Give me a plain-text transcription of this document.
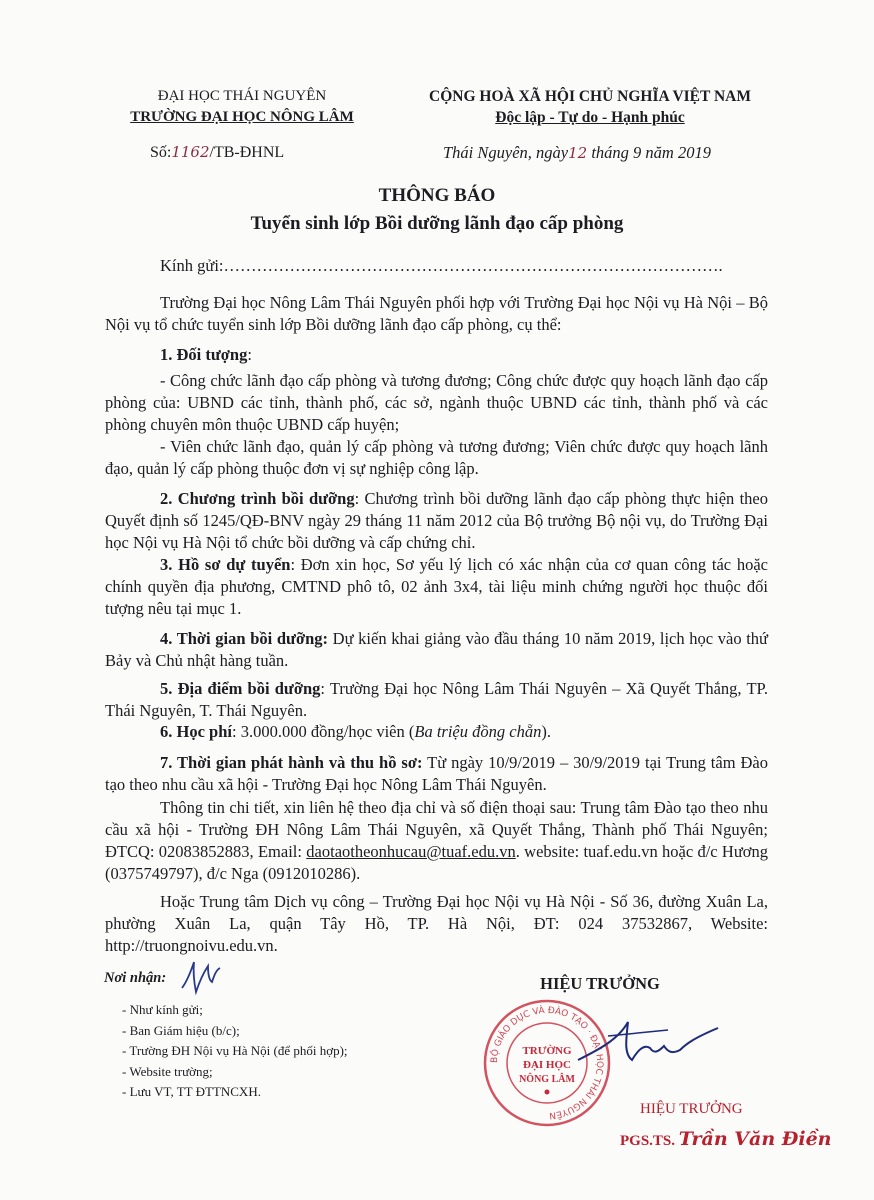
ĐẠI HỌC THÁI NGUYÊN
TRƯỜNG ĐẠI HỌC NÔNG LÂM
CỘNG HOÀ XÃ HỘI CHỦ NGHĨA VIỆT NAM
Độc lập - Tự do - Hạnh phúc
Số:1162/TB-ĐHNL	Thái Nguyên, ngày12 tháng 9 năm 2019
THÔNG BÁO
Tuyển sinh lớp Bồi dưỡng lãnh đạo cấp phòng
Kính gửi:……………………………………………………………………………….
Trường Đại học Nông Lâm Thái Nguyên phối hợp với Trường Đại học Nội vụ Hà Nội – Bộ Nội vụ tổ chức tuyển sinh lớp Bồi dưỡng lãnh đạo cấp phòng, cụ thể:
1. Đối tượng:
- Công chức lãnh đạo cấp phòng và tương đương; Công chức được quy hoạch lãnh đạo cấp phòng của: UBND các tỉnh, thành phố, các sở, ngành thuộc UBND các tỉnh, thành phố và các phòng chuyên môn thuộc UBND cấp huyện;
- Viên chức lãnh đạo, quản lý cấp phòng và tương đương; Viên chức được quy hoạch lãnh đạo, quản lý cấp phòng thuộc đơn vị sự nghiệp công lập.
2. Chương trình bồi dưỡng: Chương trình bồi dưỡng lãnh đạo cấp phòng thực hiện theo Quyết định số 1245/QĐ-BNV ngày 29 tháng 11 năm 2012 của Bộ trưởng Bộ nội vụ, do Trường Đại học Nội vụ Hà Nội tổ chức bồi dưỡng và cấp chứng chỉ.
3. Hồ sơ dự tuyển: Đơn xin học, Sơ yếu lý lịch có xác nhận của cơ quan công tác hoặc chính quyền địa phương, CMTND phô tô, 02 ảnh 3x4, tài liệu minh chứng người học thuộc đối tượng nêu tại mục 1.
4. Thời gian bồi dưỡng: Dự kiến khai giảng vào đầu tháng 10 năm 2019, lịch học vào thứ Bảy và Chủ nhật hàng tuần.
5. Địa điểm bồi dưỡng: Trường Đại học Nông Lâm Thái Nguyên – Xã Quyết Thắng, TP. Thái Nguyên, T. Thái Nguyên.
6. Học phí: 3.000.000 đồng/học viên (Ba triệu đồng chẵn).
7. Thời gian phát hành và thu hồ sơ: Từ ngày 10/9/2019 – 30/9/2019 tại Trung tâm Đào tạo theo nhu cầu xã hội - Trường Đại học Nông Lâm Thái Nguyên.
Thông tin chi tiết, xin liên hệ theo địa chỉ và số điện thoại sau: Trung tâm Đào tạo theo nhu cầu xã hội - Trường ĐH Nông Lâm Thái Nguyên, xã Quyết Thắng, Thành phố Thái Nguyên; ĐTCQ: 02083852883, Email: daotaotheonhucau@tuaf.edu.vn. website: tuaf.edu.vn hoặc đ/c Hương (0375749797), đ/c Nga (0912010286).
Hoặc Trung tâm Dịch vụ công – Trường Đại học Nội vụ Hà Nội - Số 36, đường Xuân La, phường Xuân La, quận Tây Hồ, TP. Hà Nội, ĐT: 024 37532867, Website: http://truongnoivu.edu.vn.
Nơi nhận:
- Như kính gửi;
- Ban Giám hiệu (b/c);
- Trường ĐH Nội vụ Hà Nội (để phối hợp);
- Website trường;
- Lưu VT, TT ĐTTNCXH.
HIỆU TRƯỞNG
BỘ GIÁO DỤC VÀ ĐÀO TẠO · ĐẠI HỌC THÁI NGUYÊN
TRƯỜNG
ĐẠI HỌC
NÔNG LÂM
HIỆU TRƯỞNG
PGS.TS. Trần Văn Điền
